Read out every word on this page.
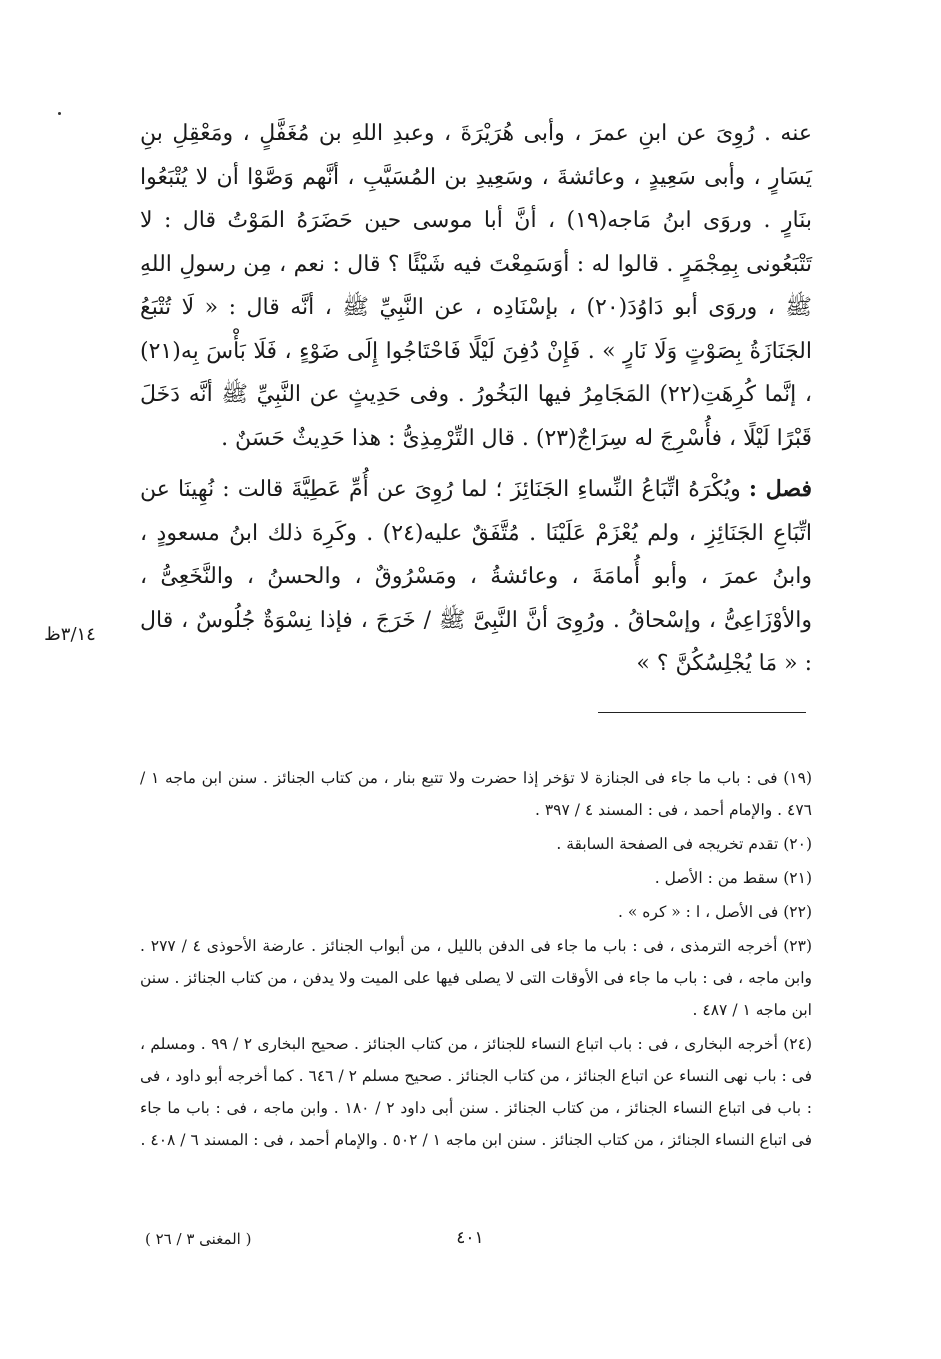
عنه . رُوِىَ عن ابنِ عمرَ ، وأبى هُرَيْرَةَ ، وعبدِ اللهِ بن مُغَفَّلٍ ، ومَعْقِلِ بنِ يَسَارٍ ، وأبى سَعِيدٍ ، وعائشةَ ، وسَعِيدِ بن المُسَيَّبِ ، أنَّهم وَصَّوْا أن لا يُتْبَعُوا بنَارٍ . وروَى ابنُ مَاجه(١٩) ، أنَّ أبا موسى حين حَضَرَهُ المَوْتُ قال : لا تَتْبَعُونى بِمِجْمَرٍ . قالوا له : أوَسَمِعْتَ فيه شَيْئًا ؟ قال : نعم ، مِن رسولِ اللهِ ﷺ ، وروَى أبو دَاوُدَ(٢٠) ، بإسْنَادِه ، عن النَّبِيِّ ﷺ ، أنَّه قال : « لَا تُتْبَعُ الجَنَازَةُ بِصَوْتٍ وَلَا نَارٍ » . فَإِنْ دُفِنَ لَيْلًا فَاحْتَاجُوا إِلَى ضَوْءٍ ، فَلَا بَأْسَ بِه(٢١) ، إنَّما كُرِهَتِ(٢٢) المَجَامِرُ فيها البَخُورُ . وفى حَدِيثٍ عن النَّبِيِّ ﷺ أنَّه دَخَلَ قَبْرًا لَيْلًا ، فأُسْرِجَ له سِرَاجٌ(٢٣) . قال التِّرْمِذِىُّ : هذا حَدِيثٌ حَسَنٌ .

فصل : ويُكْرَهُ اتِّبَاعُ النِّساءِ الجَنَائِزَ ؛ لما رُوِىَ عن أُمِّ عَطِيَّةَ قالت : نُهِينَا عن اتِّبَاعِ الجَنَائِزِ ، ولم يُعْزَمْ عَلَيْنَا . مُتَّفَقٌ عليه(٢٤) . وكَرِهَ ذلك ابنُ مسعودٍ ، وابنُ عمرَ ، وأبو أُمامَةَ ، وعائشةُ ، ومَسْرُوقٌ ، والحسنُ ، والنَّخَعِىُّ ، والأوْزَاعِىُّ ، وإسْحاقُ . ورُوِىَ أنَّ النَّبِىَّ ﷺ / خَرَجَ ، فإذا نِسْوَةٌ جُلُوسٌ ، قال : « مَا يُجْلِسُكُنَّ ؟ »

٣/١٤ظ

(١٩) فى : باب ما جاء فى الجنازة لا تؤخر إذا حضرت ولا تتبع بنار ، من كتاب الجنائز . سنن ابن ماجه ١ / ٤٧٦ . والإمام أحمد ، فى : المسند ٤ / ٣٩٧ .

(٢٠) تقدم تخريجه فى الصفحة السابقة .

(٢١) سقط من : الأصل .

(٢٢) فى الأصل ، ا : « كره » .

(٢٣) أخرجه الترمذى ، فى : باب ما جاء فى الدفن بالليل ، من أبواب الجنائز . عارضة الأحوذى ٤ / ٢٧٧ . وابن ماجه ، فى : باب ما جاء فى الأوقات التى لا يصلى فيها على الميت ولا يدفن ، من كتاب الجنائز . سنن ابن ماجه ١ / ٤٨٧ .

(٢٤) أخرجه البخارى ، فى : باب اتباع النساء للجنائز ، من كتاب الجنائز . صحيح البخارى ٢ / ٩٩ . ومسلم ، فى : باب نهى النساء عن اتباع الجنائز ، من كتاب الجنائز . صحيح مسلم ٢ / ٦٤٦ . كما أخرجه أبو داود ، فى : باب فى اتباع النساء الجنائز ، من كتاب الجنائز . سنن أبى داود ٢ / ١٨٠ . وابن ماجه ، فى : باب ما جاء فى اتباع النساء الجنائز ، من كتاب الجنائز . سنن ابن ماجه ١ / ٥٠٢ . والإمام أحمد ، فى : المسند ٦ / ٤٠٨ .

( المغنى ٣ / ٢٦ )	٤٠١
